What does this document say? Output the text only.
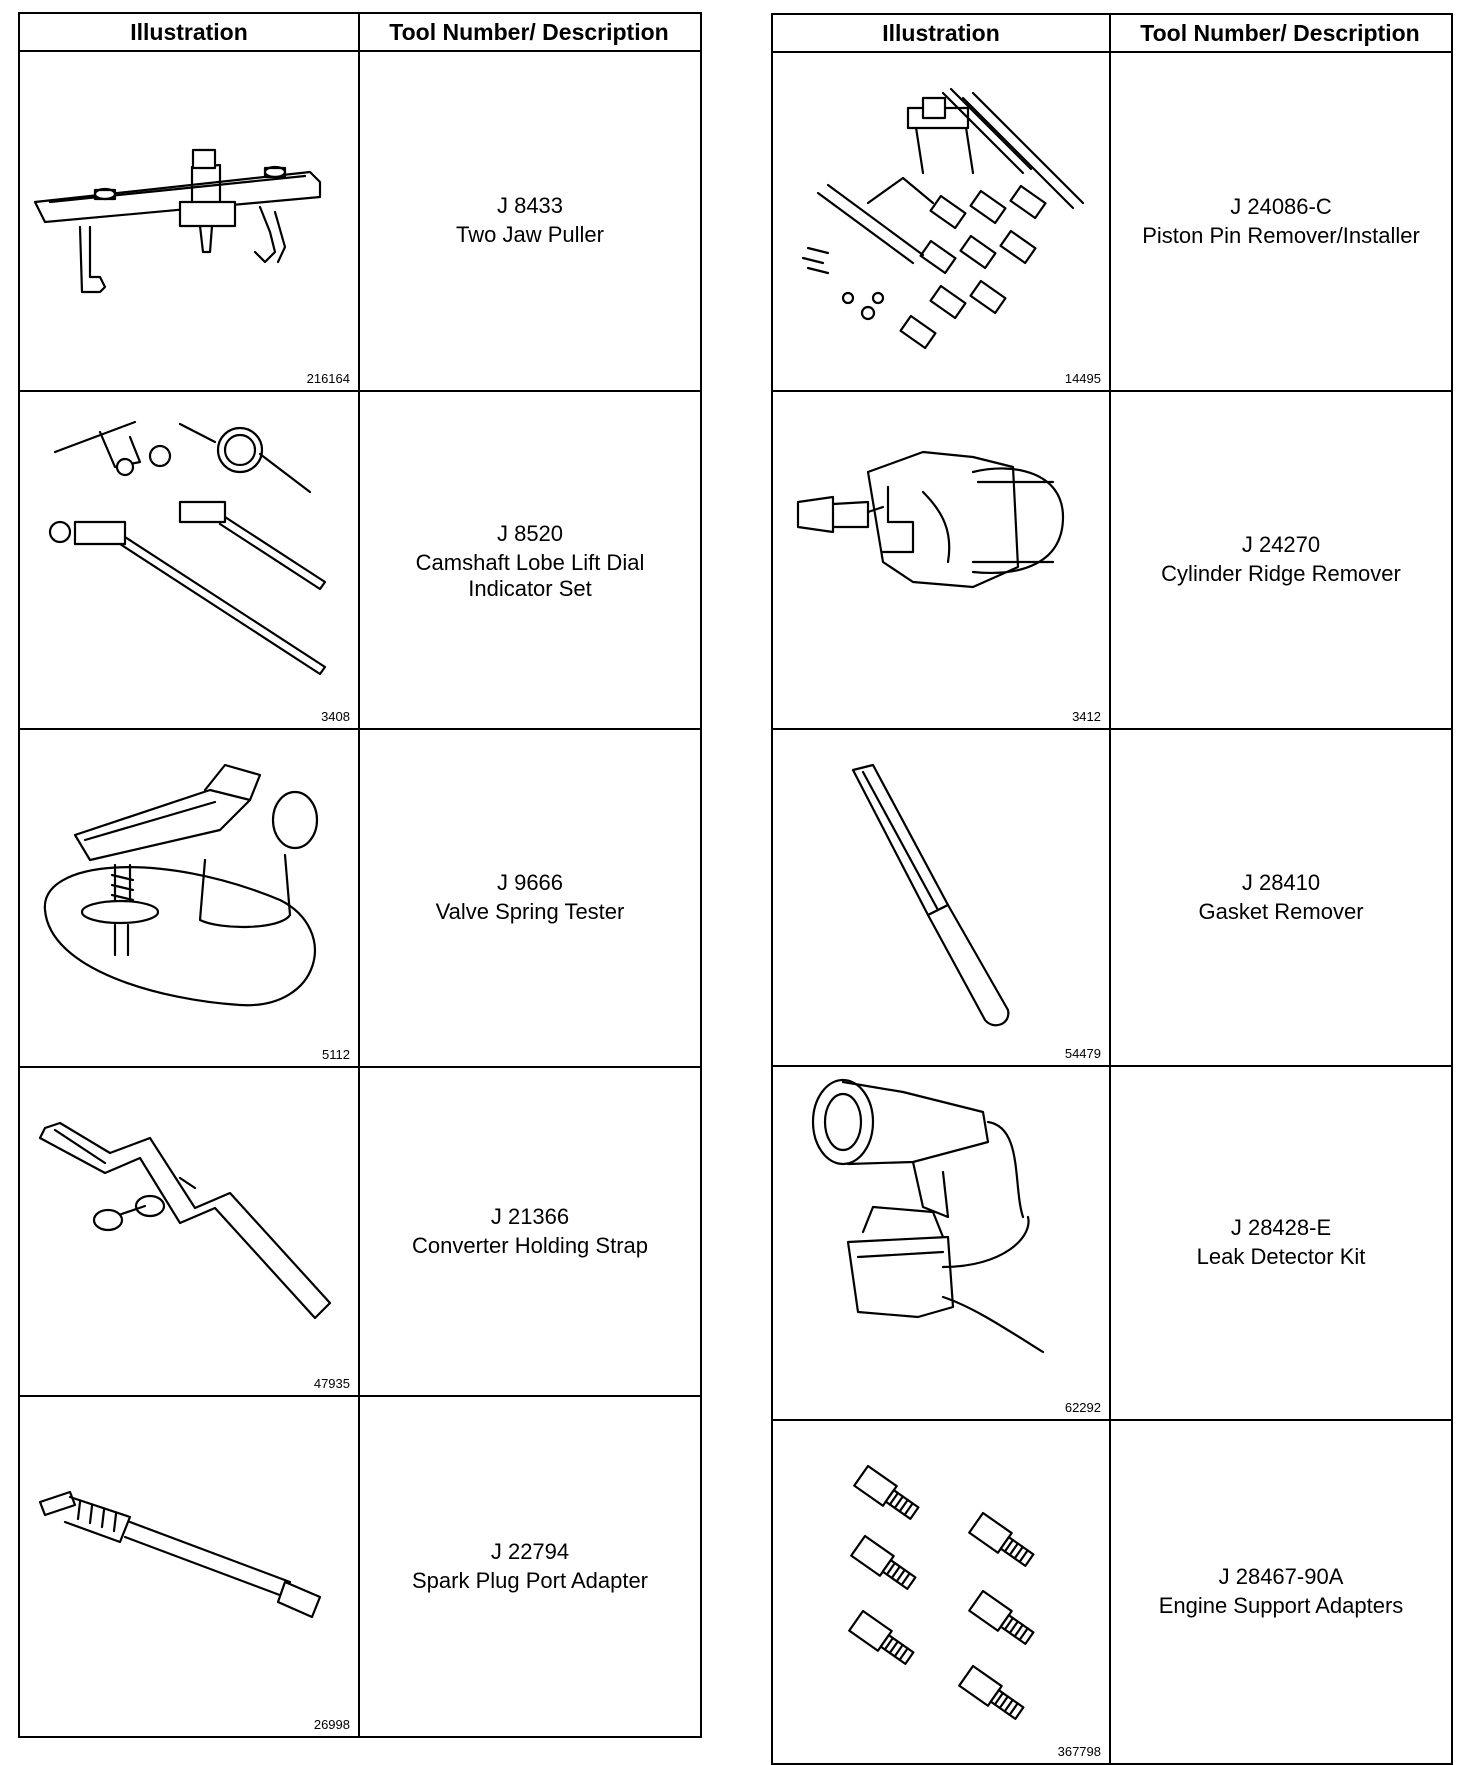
Illustration	Tool Number/ Description
216164
J 8433
Two Jaw Puller
3408
J 8520
Camshaft Lobe Lift Dial
Indicator Set
5112
J 9666
Valve Spring Tester
47935
J 21366
Converter Holding Strap
26998
J 22794
Spark Plug Port Adapter
Illustration	Tool Number/ Description
14495
J 24086-C
Piston Pin Remover/Installer
3412
J 24270
Cylinder Ridge Remover
54479
J 28410
Gasket Remover
62292
J 28428-E
Leak Detector Kit
367798
J 28467-90A
Engine Support Adapters
